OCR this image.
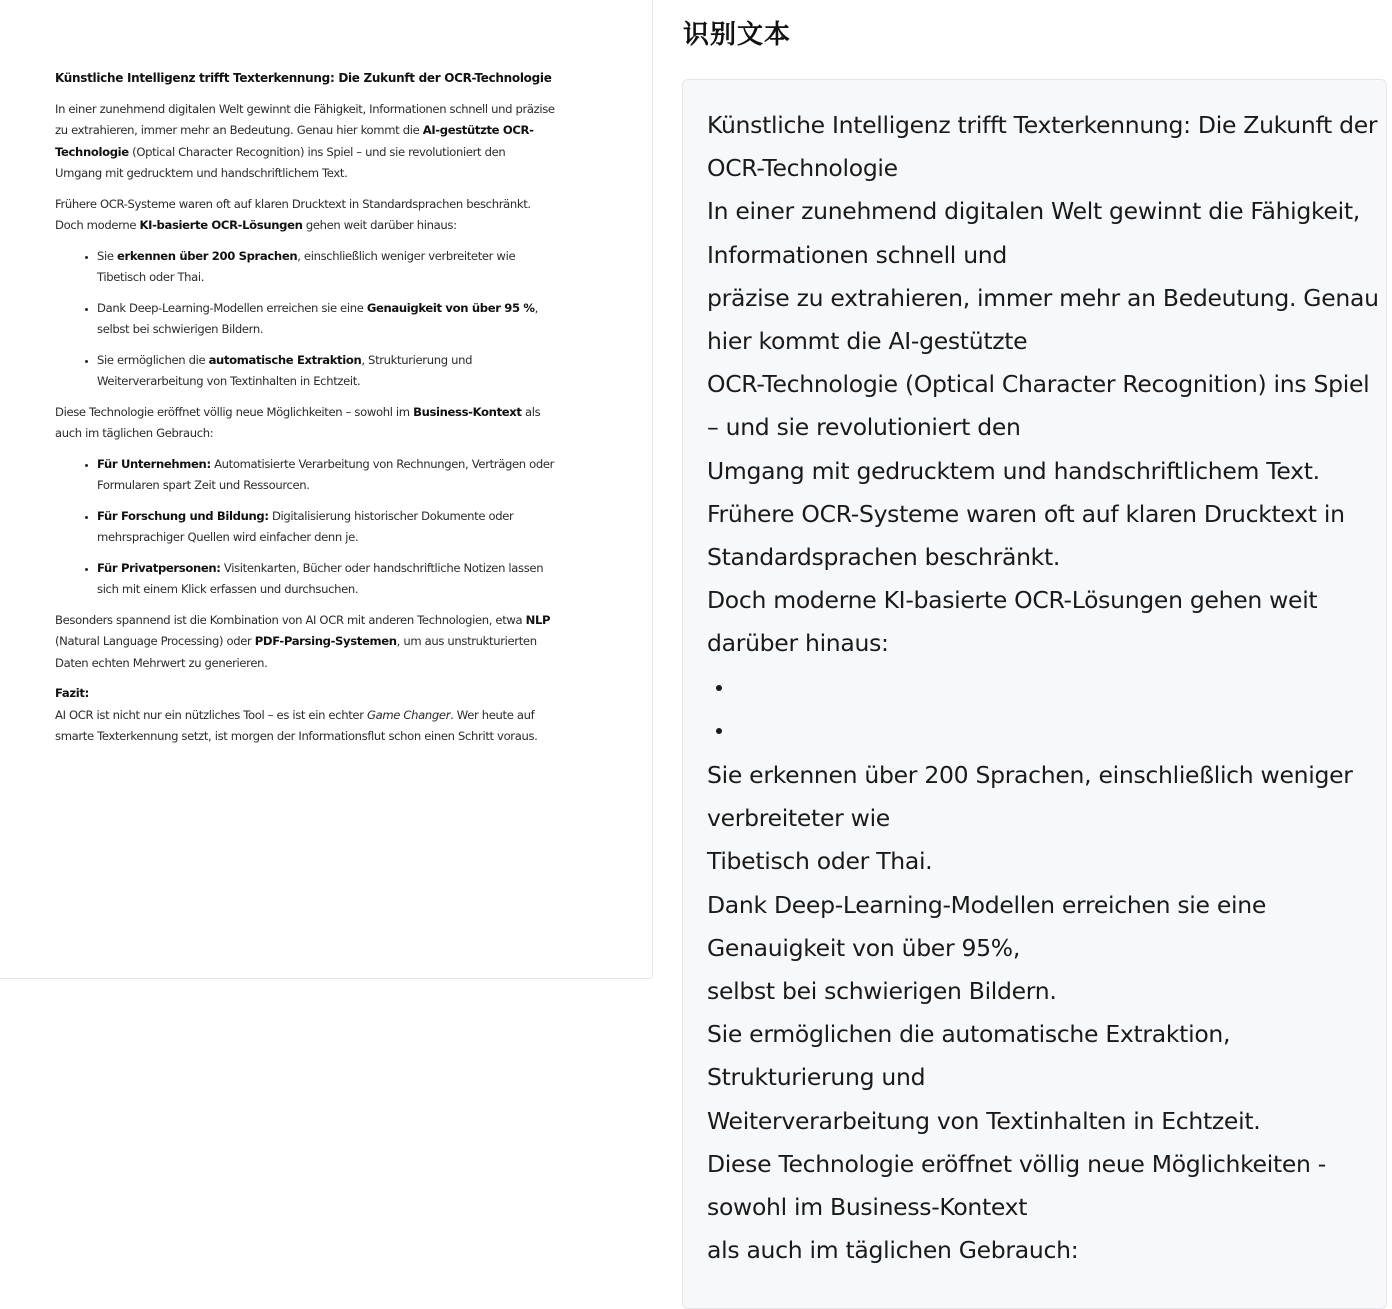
Künstliche Intelligenz trifft Texterkennung: Die Zukunft der OCR-Technologie

In einer zunehmend digitalen Welt gewinnt die Fähigkeit, Informationen schnell und präzise zu extrahieren, immer mehr an Bedeutung. Genau hier kommt die AI-gestützte OCR-Technologie (Optical Character Recognition) ins Spiel – und sie revolutioniert den Umgang mit gedrucktem und handschriftlichem Text.

Frühere OCR-Systeme waren oft auf klaren Drucktext in Standardsprachen beschränkt. Doch moderne KI-basierte OCR-Lösungen gehen weit darüber hinaus:

• Sie erkennen über 200 Sprachen, einschließlich weniger verbreiteter wie Tibetisch oder Thai.
• Dank Deep-Learning-Modellen erreichen sie eine Genauigkeit von über 95 %, selbst bei schwierigen Bildern.
• Sie ermöglichen die automatische Extraktion, Strukturierung und Weiterverarbeitung von Textinhalten in Echtzeit.

Diese Technologie eröffnet völlig neue Möglichkeiten – sowohl im Business-Kontext als auch im täglichen Gebrauch:

• Für Unternehmen: Automatisierte Verarbeitung von Rechnungen, Verträgen oder Formularen spart Zeit und Ressourcen.
• Für Forschung und Bildung: Digitalisierung historischer Dokumente oder mehrsprachiger Quellen wird einfacher denn je.
• Für Privatpersonen: Visitenkarten, Bücher oder handschriftliche Notizen lassen sich mit einem Klick erfassen und durchsuchen.

Besonders spannend ist die Kombination von AI OCR mit anderen Technologien, etwa NLP (Natural Language Processing) oder PDF-Parsing-Systemen, um aus unstrukturierten Daten echten Mehrwert zu generieren.

Fazit:

AI OCR ist nicht nur ein nützliches Tool – es ist ein echter Game Changer. Wer heute auf smarte Texterkennung setzt, ist morgen der Informationsflut schon einen Schritt voraus.

识别文本
Künstliche Intelligenz trifft Texterkennung: Die Zukunft der
OCR-Technologie
In einer zunehmend digitalen Welt gewinnt die Fähigkeit,
Informationen schnell und
präzise zu extrahieren, immer mehr an Bedeutung. Genau
hier kommt die AI-gestützte
OCR-Technologie (Optical Character Recognition) ins Spiel
– und sie revolutioniert den
Umgang mit gedrucktem und handschriftlichem Text.
Frühere OCR-Systeme waren oft auf klaren Drucktext in
Standardsprachen beschränkt.
Doch moderne KI-basierte OCR-Lösungen gehen weit
darüber hinaus:
Sie erkennen über 200 Sprachen, einschließlich weniger
verbreiteter wie
Tibetisch oder Thai.
Dank Deep-Learning-Modellen erreichen sie eine
Genauigkeit von über 95%,
selbst bei schwierigen Bildern.
Sie ermöglichen die automatische Extraktion,
Strukturierung und
Weiterverarbeitung von Textinhalten in Echtzeit.
Diese Technologie eröffnet völlig neue Möglichkeiten -
sowohl im Business-Kontext
als auch im täglichen Gebrauch:
